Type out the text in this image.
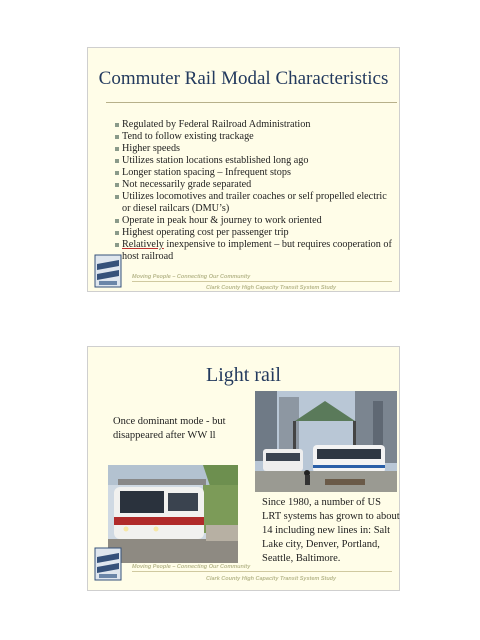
Commuter Rail Modal Characteristics
Regulated by Federal Railroad Administration
Tend to follow existing trackage
Higher speeds
Utilizes station locations established long ago
Longer station spacing – Infrequent stops
Not necessarily grade separated
Utilizes locomotives and trailer coaches or self propelled electric or diesel railcars (DMU’s)
Operate in peak hour & journey to work oriented
Highest operating cost per passenger trip
Relatively inexpensive to implement – but requires cooperation of host railroad
Moving People – Connecting Our Community
Clark County High Capacity Transit System Study
Light rail
Once dominant mode - but disappeared after WW ll
Since 1980, a number of US LRT systems has grown to about 14 including new lines in: Salt Lake city, Denver, Portland, Seattle, Baltimore.
Moving People – Connecting Our Community
Clark County High Capacity Transit System Study
